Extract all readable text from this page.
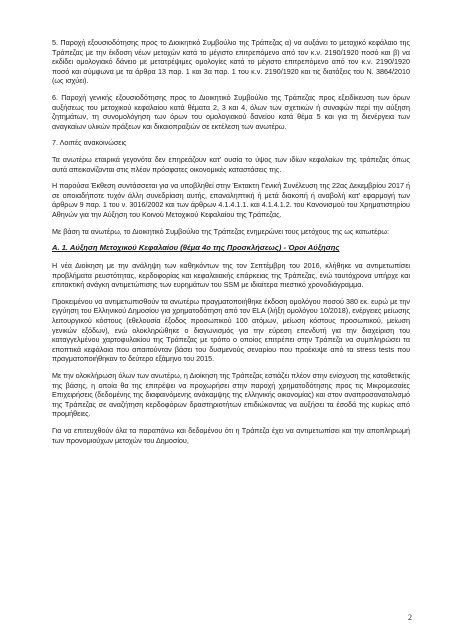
5. Παροχή εξουσιοδότησης προς το Διοικητικό Συμβούλιο της Τράπεζας α) να αυξάνει το μετοχικό κεφάλαιο της Τράπεζας με την έκδοση νέων μετοχών κατά το μέγιστο επιτρεπόμενο από τον κ.ν. 2190/1920 ποσό και β) να εκδίδει ομολογιακό δάνειο με μετατρέψιμες ομολογίες κατά το μέγιστο επιτρεπόμενο από τον κ.ν. 2190/1920 ποσό και σύμφωνα με τα άρθρα 13 παρ. 1 και 3α παρ. 1 του κ.ν. 2190/1920 και τις διατάξεις του Ν. 3864/2010 (ως ισχύει).

6. Παροχή γενικής εξουσιοδότησης προς το Διοικητικό Συμβούλιο της Τράπεζας προς εξειδίκευση των όρων αυξήσεως του μετοχικού κεφαλαίου κατά θέματα 2, 3 και 4, όλων των σχετικών ή συναφών περί την αύξηση ζητημάτων, τη συνομολόγηση των όρων του ομολογιακού δανείου κατά θέμα 5 και για τη διενέργεια των αναγκαίων υλικών πράξεων και δικαιοπραξιών σε εκτέλεση των ανωτέρω.

7. Λοιπές ανακοινώσεις

Τα ανωτέρω εταιρικά γεγονότα δεν επηρεάζουν κατ' ουσία το ύψος των ιδίων κεφαλαίων της τράπεζας όπως αυτά απεικονίζονται στις πλέον πρόσφατες οικονομικές καταστάσεις της.

Η παρούσα Έκθεση συντάσσεται για να υποβληθεί στην Έκτακτη Γενική Συνέλευση της 22ας Δεκεμβρίου 2017 ή σε οποιαδήποτε τυχόν άλλη συνεδρίαση αυτής, επαναληπτική ή μετά διακοπή ή αναβολή κατ' εφαρμογή των άρθρων 9 παρ. 1 του ν. 3016/2002 και των άρθρων 4.1.4.1.1. και 4.1.4.1.2. του Κανονισμού του Χρηματιστηρίου Αθηνών για την Αύξηση του Κοινού Μετοχικού Κεφαλαίου της Τράπεζας.

Με βάση τα ανωτέρω, το Διοικητικό Συμβούλιο της Τράπεζας ενημερώνει τους μετόχους της ως κατωτέρω:

Α. 1. Αύξηση Μετοχικού Κεφαλαίου (θέμα 4ο της Προσκλήσεως) - Όροι Αύξησης

Η νέα Διοίκηση με την ανάληψη των καθηκόντων της τον Σεπτέμβρη του 2016, κλήθηκε να αντιμετωπίσει προβλήματα ρευστότητας, κερδοφορίας και κεφαλαιακής επάρκειας της Τράπεζας, ενώ ταυτόχρονα υπήρχε και επιτακτική ανάγκη αντιμετώπισης των ευρημάτων του SSM με ιδιαίτερα πιεστικό χρονοδιάγραμμα.

Προκειμένου να αντιμετωπισθούν τα ανωτέρω πραγματοποιήθηκε έκδοση ομολόγου ποσού 380 εκ. ευρώ με την εγγύηση του Ελληνικού Δημοσίου για χρηματοδότηση από τον ELA (λήξη ομολόγου 10/2018), ενέργειες μείωσης λειτουργικού κόστους (εθελουσία έξοδος προσωπικού 100 ατόμων, μείωση κόστους προσωπικού, μείωση γενικών εξόδων), ενώ ολοκληρώθηκε ο διαγωνισμός για την εύρεση επενδυτή για την διαχείριση του καταγγελμένου χαρτοφυλακίου της Τράπεζας με τρόπο ο οποίος επιτρέπει στην Τράπεζα να συμπληρώσει τα εποπτικά κεφάλαια που απαιτούνταν βάσει του δυσμενούς σεναρίου που προέκυψε από τα stress tests που πραγματοποιήθηκαν το δεύτερο εξάμηνο του 2015.

Με την ολοκλήρωση όλων των ανωτέρω, η Διοίκηση της Τράπεζας εστιάζει πλέον στην ενίσχυση της καταθετικής της βάσης, η οποία θα της επιτρέψει να προχωρήσει στην παροχή χρηματοδότησης προς τις Μικρομεσαίες Επιχειρήσεις (δεδομένης της διαφαινόμενης ανάκαμψης της ελληνικής οικονομίας) και στον αναπροσανατολισμό της Τράπεζας σε αναζήτηση κερδοφόρων δραστηριοτήτων επιδιώκοντας να αυξήσει τα έσοδά της κυρίως από προμήθειες.

Για να επιτευχθούν όλα τα παραπάνω και δεδομένου ότι η Τράπεζα έχει να αντιμετωπίσει και την αποπληρωμή των προνομιούχων μετοχών του Δημοσίου,

2
